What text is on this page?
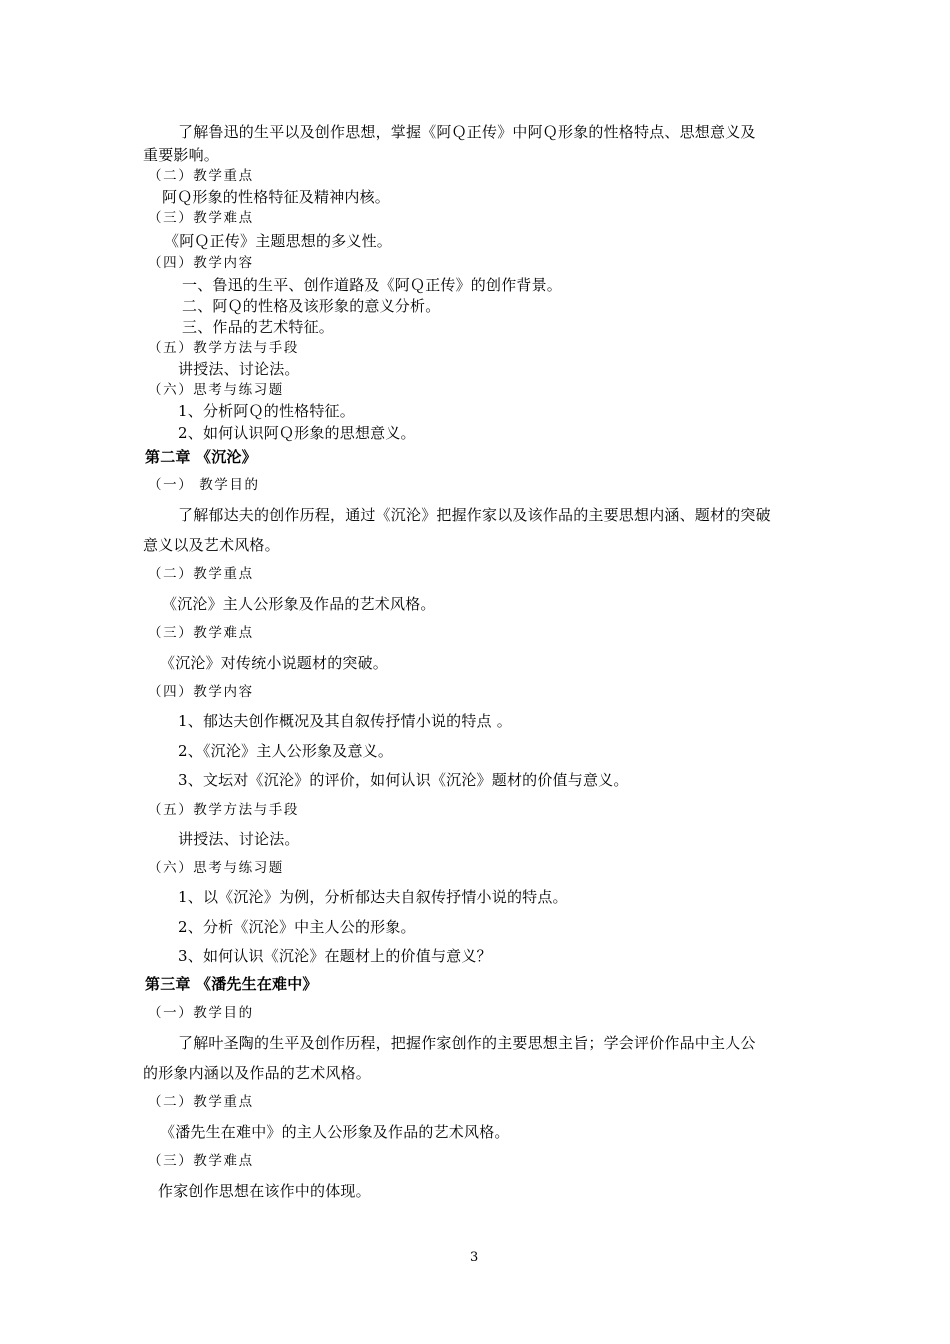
了解鲁迅的生平以及创作思想，掌握《阿Ｑ正传》中阿Ｑ形象的性格特点、思想意义及
重要影响。
（二）教学重点
阿Ｑ形象的性格特征及精神内核。
（三）教学难点
《阿Ｑ正传》主题思想的多义性。
（四）教学内容
一、鲁迅的生平、创作道路及《阿Ｑ正传》的创作背景。
二、阿Ｑ的性格及该形象的意义分析。
三、作品的艺术特征。
（五）教学方法与手段
讲授法、讨论法。
（六）思考与练习题
1、分析阿Ｑ的性格特征。
2、如何认识阿Ｑ形象的思想意义。
第二章 《沉沦》
（一） 教学目的
了解郁达夫的创作历程，通过《沉沦》把握作家以及该作品的主要思想内涵、题材的突破
意义以及艺术风格。
（二）教学重点
《沉沦》主人公形象及作品的艺术风格。
（三）教学难点
《沉沦》对传统小说题材的突破。
（四）教学内容
1、郁达夫创作概况及其自叙传抒情小说的特点 。
2、《沉沦》主人公形象及意义。
3、文坛对《沉沦》的评价，如何认识《沉沦》题材的价值与意义。
（五）教学方法与手段
讲授法、讨论法。
（六）思考与练习题
1、以《沉沦》为例，分析郁达夫自叙传抒情小说的特点。
2、分析《沉沦》中主人公的形象。
3、如何认识《沉沦》在题材上的价值与意义？
第三章 《潘先生在难中》
（一）教学目的
了解叶圣陶的生平及创作历程，把握作家创作的主要思想主旨；学会评价作品中主人公
的形象内涵以及作品的艺术风格。
（二）教学重点
《潘先生在难中》的主人公形象及作品的艺术风格。
（三）教学难点
作家创作思想在该作中的体现。
3
